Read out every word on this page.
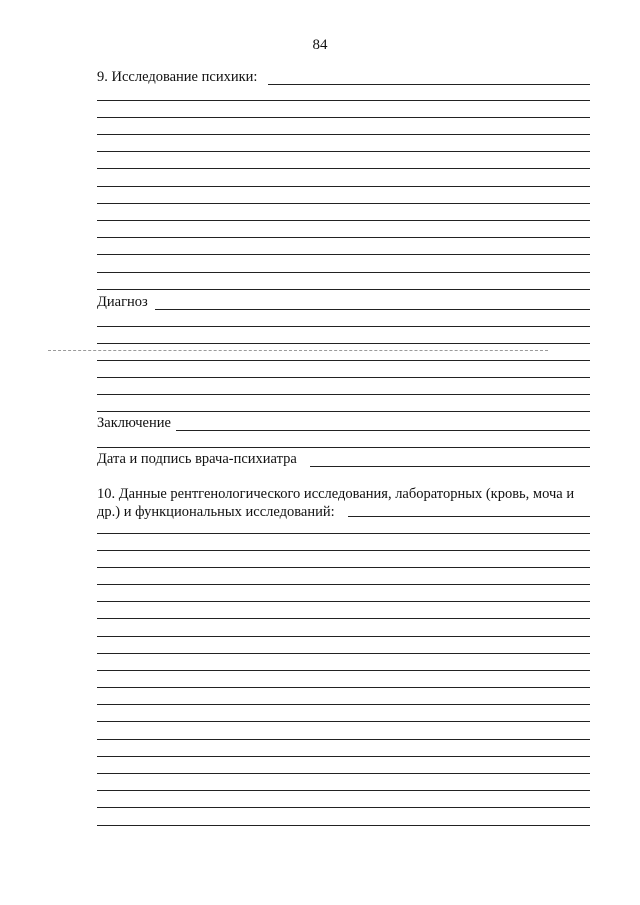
84
9. Исследование психики:
Диагноз
Заключение
Дата и подпись врача-психиатра
10. Данные рентгенологического исследования, лабораторных (кровь, моча и др.) и функциональных исследований:
